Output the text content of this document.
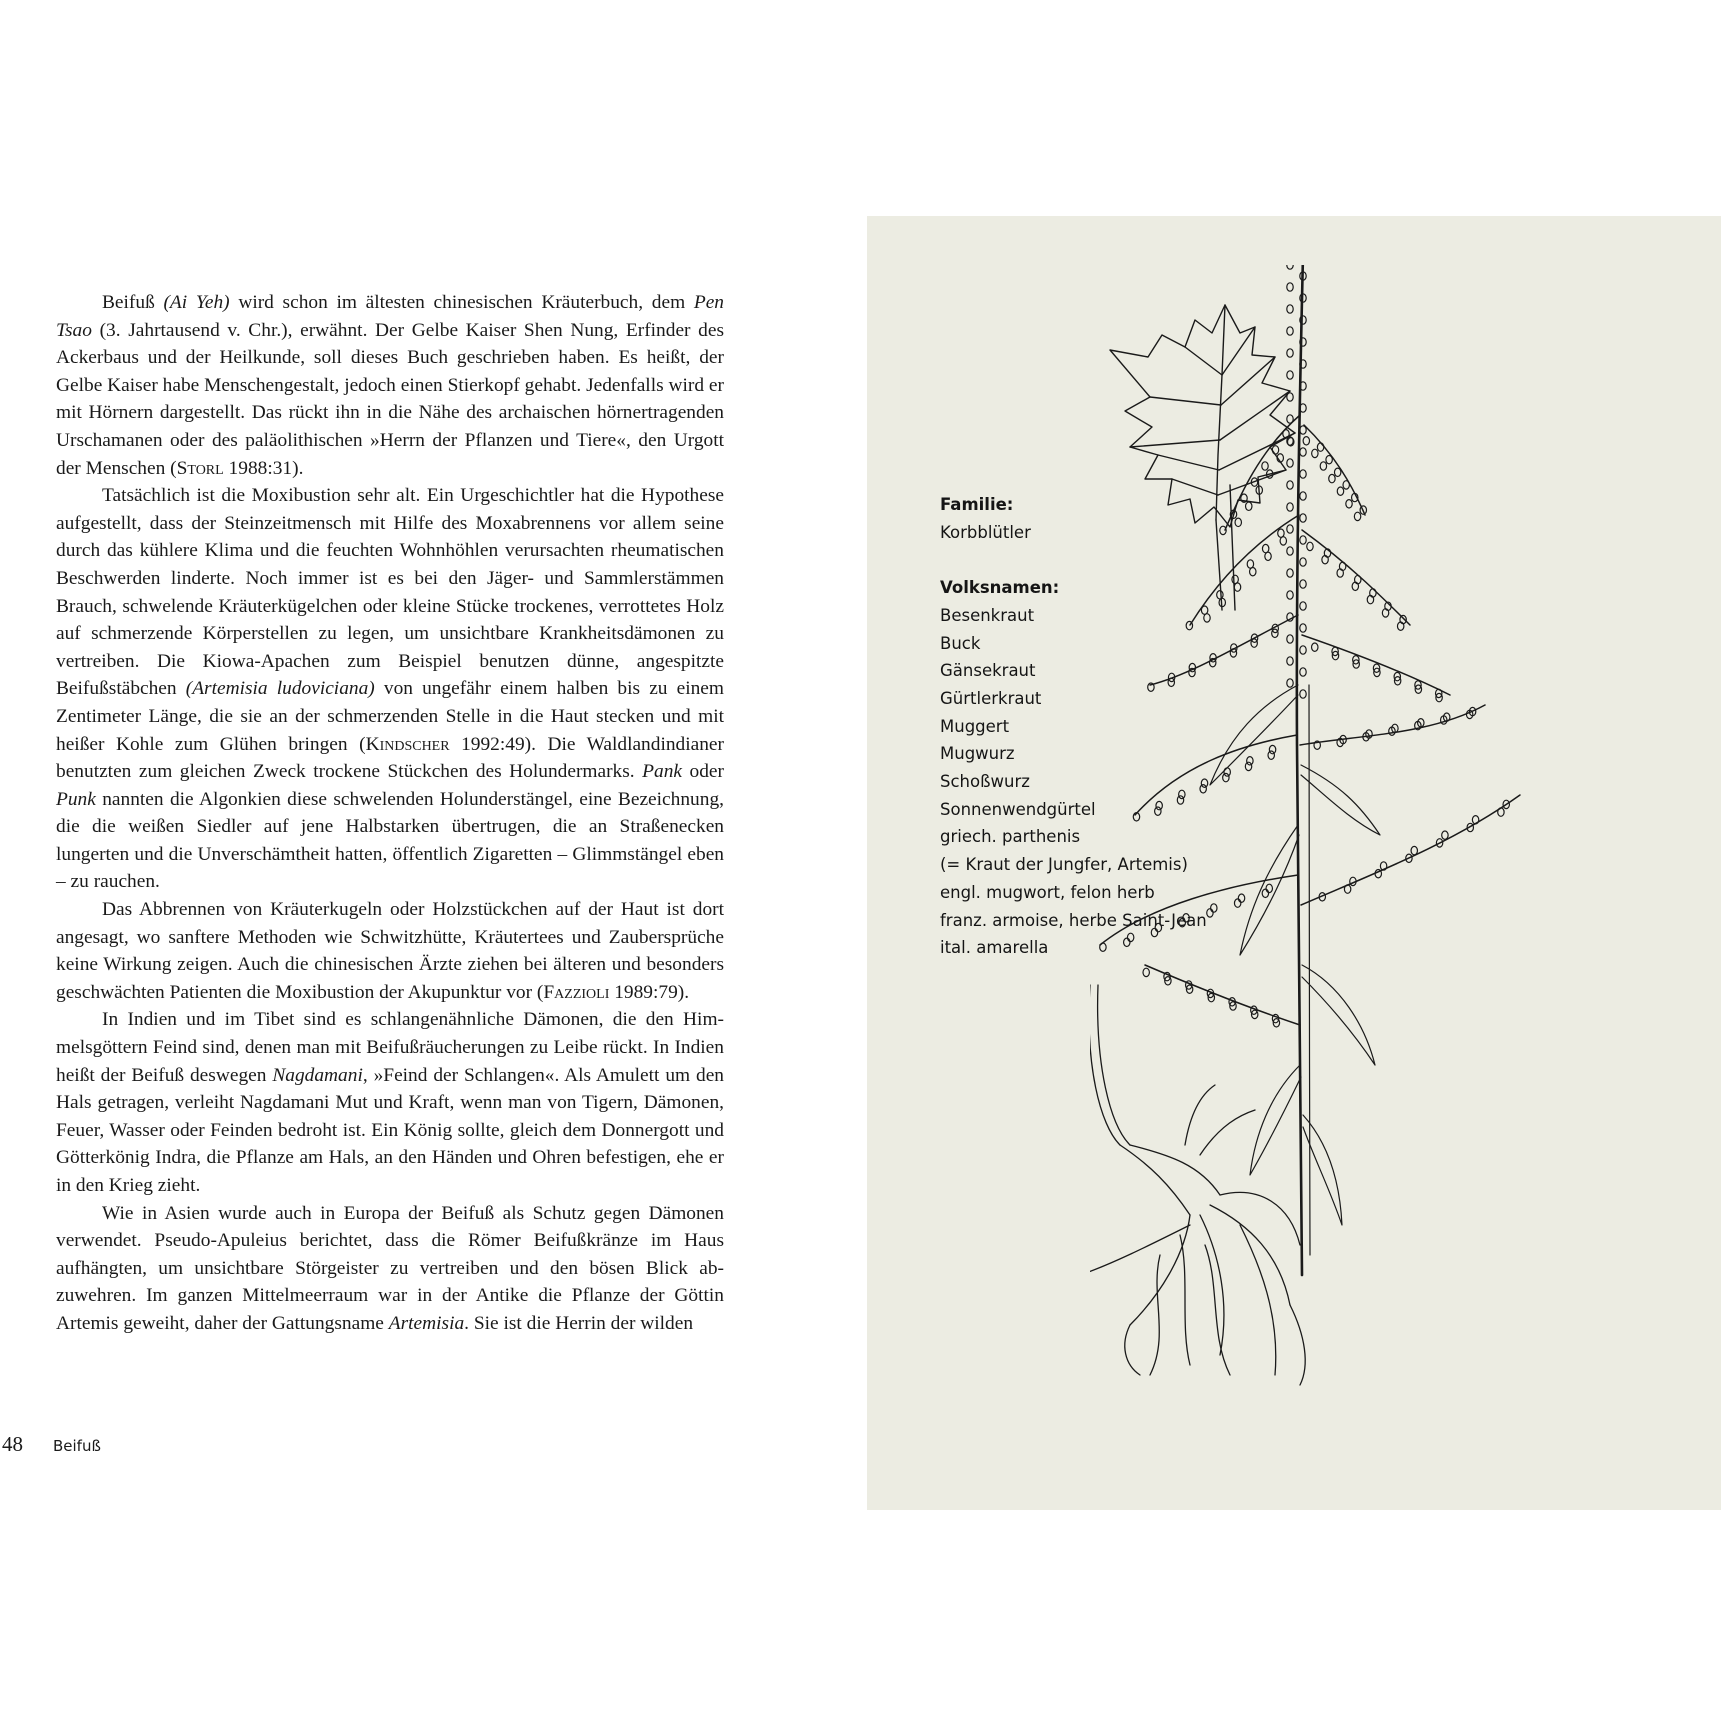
Beifuß (Ai Yeh) wird schon im ältesten chinesischen Kräuterbuch, dem Pen Tsao (3. Jahrtausend v. Chr.), erwähnt. Der Gelbe Kaiser Shen Nung, Erfinder des Ackerbaus und der Heilkunde, soll dieses Buch geschrieben haben. Es heißt, der Gelbe Kaiser habe Menschengestalt, jedoch einen Stierkopf gehabt. Jedenfalls wird er mit Hörnern dargestellt. Das rückt ihn in die Nähe des archaischen hörnertragenden Urschamanen oder des paläolithischen »Herrn der Pflanzen und Tiere«, den Urgott der Menschen (Storl 1988:31).

Tatsächlich ist die Moxibustion sehr alt. Ein Urgeschichtler hat die Hypothese aufgestellt, dass der Steinzeitmensch mit Hilfe des Moxabrennens vor allem seine durch das kühlere Klima und die feuchten Wohnhöhlen verursachten rheumatischen Beschwerden linderte. Noch immer ist es bei den Jäger- und Sammlerstämmen Brauch, schwelende Kräuterkügelchen oder kleine Stücke trockenes, verrottetes Holz auf schmerzende Körperstellen zu legen, um unsichtbare Krankheitsdämonen zu vertreiben. Die Kiowa-Apachen zum Beispiel benutzen dünne, angespitzte Beifußstäbchen (Artemisia ludoviciana) von ungefähr einem halben bis zu einem Zentimeter Länge, die sie an der schmerzenden Stelle in die Haut stecken und mit heißer Kohle zum Glühen bringen (Kindscher 1992:49). Die Waldlandindianer benutzten zum gleichen Zweck trockene Stückchen des Holundermarks. Pank oder Punk nannten die Algonkien diese schwelenden Holunderstängel, eine Bezeichnung, die die weißen Siedler auf jene Halbstarken übertrugen, die an Straßenecken lungerten und die Unverschämtheit hatten, öffentlich Zigaretten – Glimmstängel eben – zu rauchen.

Das Abbrennen von Kräuterkugeln oder Holzstückchen auf der Haut ist dort angesagt, wo sanftere Methoden wie Schwitzhütte, Kräutertees und Zaubersprüche keine Wirkung zeigen. Auch die chinesischen Ärzte ziehen bei älteren und besonders geschwächten Patienten die Moxibustion der Akupunktur vor (Fazzioli 1989:79).

In Indien und im Tibet sind es schlangenähnliche Dämonen, die den Himmelsgöttern Feind sind, denen man mit Beifußräucherungen zu Leibe rückt. In Indien heißt der Beifuß deswegen Nagdamani, »Feind der Schlangen«. Als Amulett um den Hals getragen, verleiht Nagdamani Mut und Kraft, wenn man von Tigern, Dämonen, Feuer, Wasser oder Feinden bedroht ist. Ein König sollte, gleich dem Donnergott und Götterkönig Indra, die Pflanze am Hals, an den Händen und Ohren befestigen, ehe er in den Krieg zieht.

Wie in Asien wurde auch in Europa der Beifuß als Schutz gegen Dämonen verwendet. Pseudo-Apuleius berichtet, dass die Römer Beifußkränze im Haus aufhängten, um unsichtbare Störgeister zu vertreiben und den bösen Blick abzuwehren. Im ganzen Mittelmeerraum war in der Antike die Pflanze der Göttin Artemis geweiht, daher der Gattungsname Artemisia. Sie ist die Herrin der wilden

48 Beifuß
Familie:
Korbblütler
Volksnamen:
Besenkraut
Buck
Gänsekraut
Gürtlerkraut
Muggert
Mugwurz
Schoßwurz
Sonnenwendgürtel
griech. parthenis
(= Kraut der Jungfer, Artemis)
engl. mugwort, felon herb
franz. armoise, herbe Saint-Jean
ital. amarella
